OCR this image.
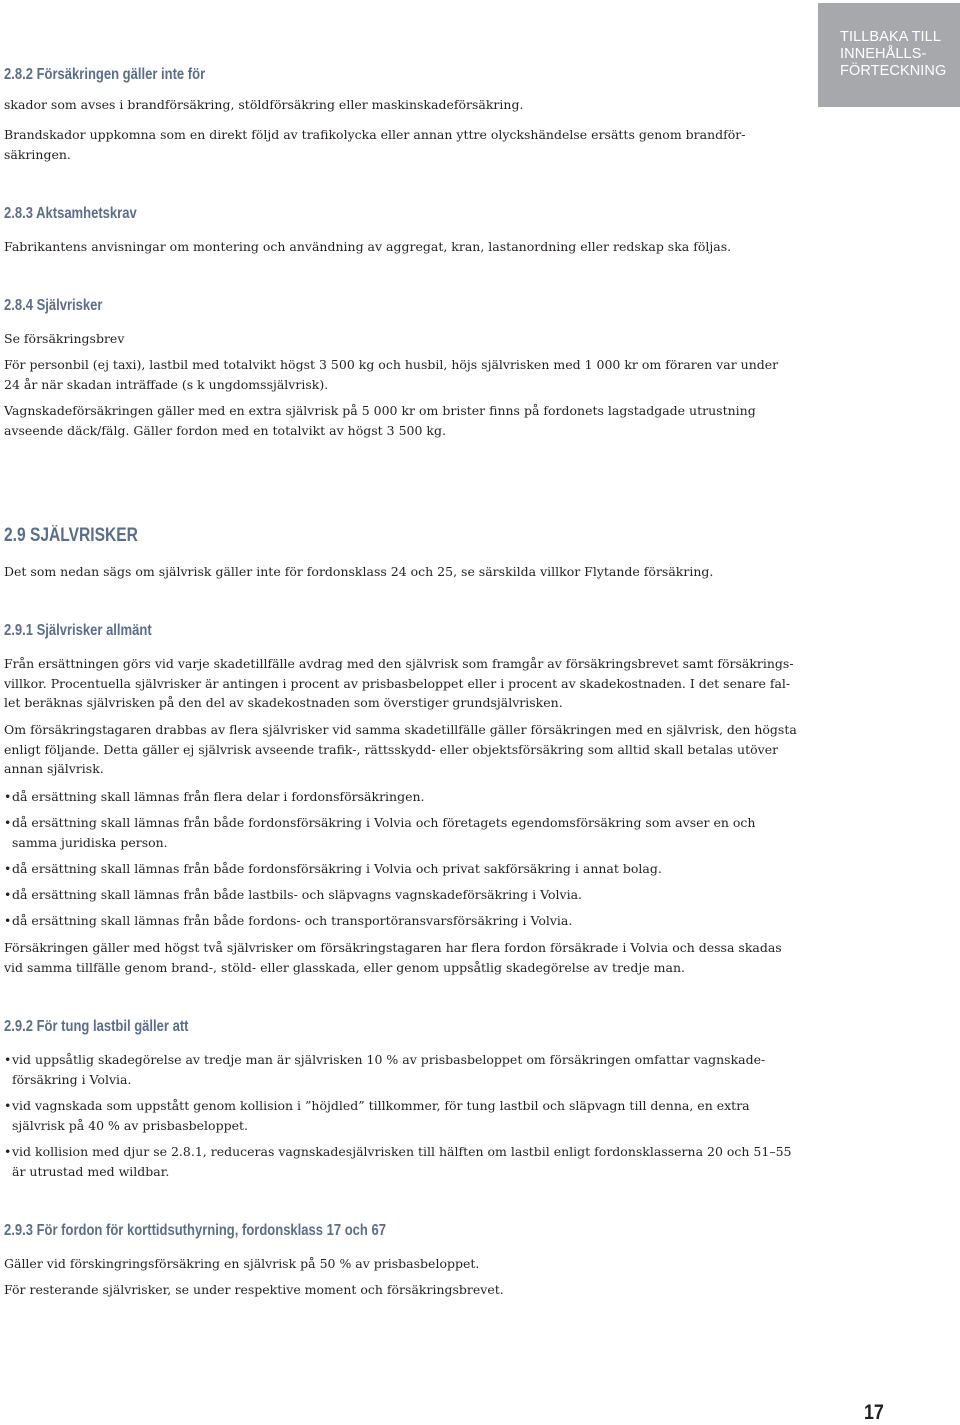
TILLBAKA TILL
INNEHÅLLS-
FÖRTECKNING
2.8.2 Försäkringen gäller inte för
skador som avses i brandförsäkring, stöldförsäkring eller maskinskadeförsäkring.
Brandskador uppkomna som en direkt följd av trafikolycka eller annan yttre olyckshändelse ersätts genom brandför-
säkringen.
2.8.3 Aktsamhetskrav
Fabrikantens anvisningar om montering och användning av aggregat, kran, lastanordning eller redskap ska följas.
2.8.4 Självrisker
Se försäkringsbrev
För personbil (ej taxi), lastbil med totalvikt högst 3 500 kg och husbil, höjs självrisken med 1 000 kr om föraren var under
24 år när skadan inträffade (s k ungdomssjälvrisk).
Vagnskadeförsäkringen gäller med en extra självrisk på 5 000 kr om brister finns på fordonets lagstadgade utrustning
avseende däck/fälg. Gäller fordon med en totalvikt av högst 3 500 kg.
2.9 SJÄLVRISKER
Det som nedan sägs om självrisk gäller inte för fordonsklass 24 och 25, se särskilda villkor Flytande försäkring.
2.9.1 Självrisker allmänt
Från ersättningen görs vid varje skadetillfälle avdrag med den självrisk som framgår av försäkringsbrevet samt försäkrings-
villkor. Procentuella självrisker är antingen i procent av prisbasbeloppet eller i procent av skadekostnaden. I det senare fal-
let beräknas självrisken på den del av skadekostnaden som överstiger grundsjälvrisken.
Om försäkringstagaren drabbas av flera självrisker vid samma skadetillfälle gäller försäkringen med en självrisk, den högsta
enligt följande. Detta gäller ej självrisk avseende trafik-, rättsskydd- eller objektsförsäkring som alltid skall betalas utöver
annan självrisk.
• då ersättning skall lämnas från flera delar i fordonsförsäkringen.
• då ersättning skall lämnas från både fordonsförsäkring i Volvia och företagets egendomsförsäkring som avser en och
samma juridiska person.
• då ersättning skall lämnas från både fordonsförsäkring i Volvia och privat sakförsäkring i annat bolag.
• då ersättning skall lämnas från både lastbils- och släpvagns vagnskadeförsäkring i Volvia.
• då ersättning skall lämnas från både fordons- och transportöransvarsförsäkring i Volvia.
Försäkringen gäller med högst två självrisker om försäkringstagaren har flera fordon försäkrade i Volvia och dessa skadas
vid samma tillfälle genom brand-, stöld- eller glasskada, eller genom uppsåtlig skadegörelse av tredje man.
2.9.2 För tung lastbil gäller att
• vid uppsåtlig skadegörelse av tredje man är självrisken 10 % av prisbasbeloppet om försäkringen omfattar vagnskade-
försäkring i Volvia.
• vid vagnskada som uppstått genom kollision i ”höjdled” tillkommer, för tung lastbil och släpvagn till denna, en extra
självrisk på 40 % av prisbasbeloppet.
• vid kollision med djur se 2.8.1, reduceras vagnskadesjälvrisken till hälften om lastbil enligt fordonsklasserna 20 och 51–55
är utrustad med wildbar.
2.9.3 För fordon för korttidsuthyrning, fordonsklass 17 och 67
Gäller vid förskingringsförsäkring en självrisk på 50 % av prisbasbeloppet.
För resterande självrisker, se under respektive moment och försäkringsbrevet.
17
